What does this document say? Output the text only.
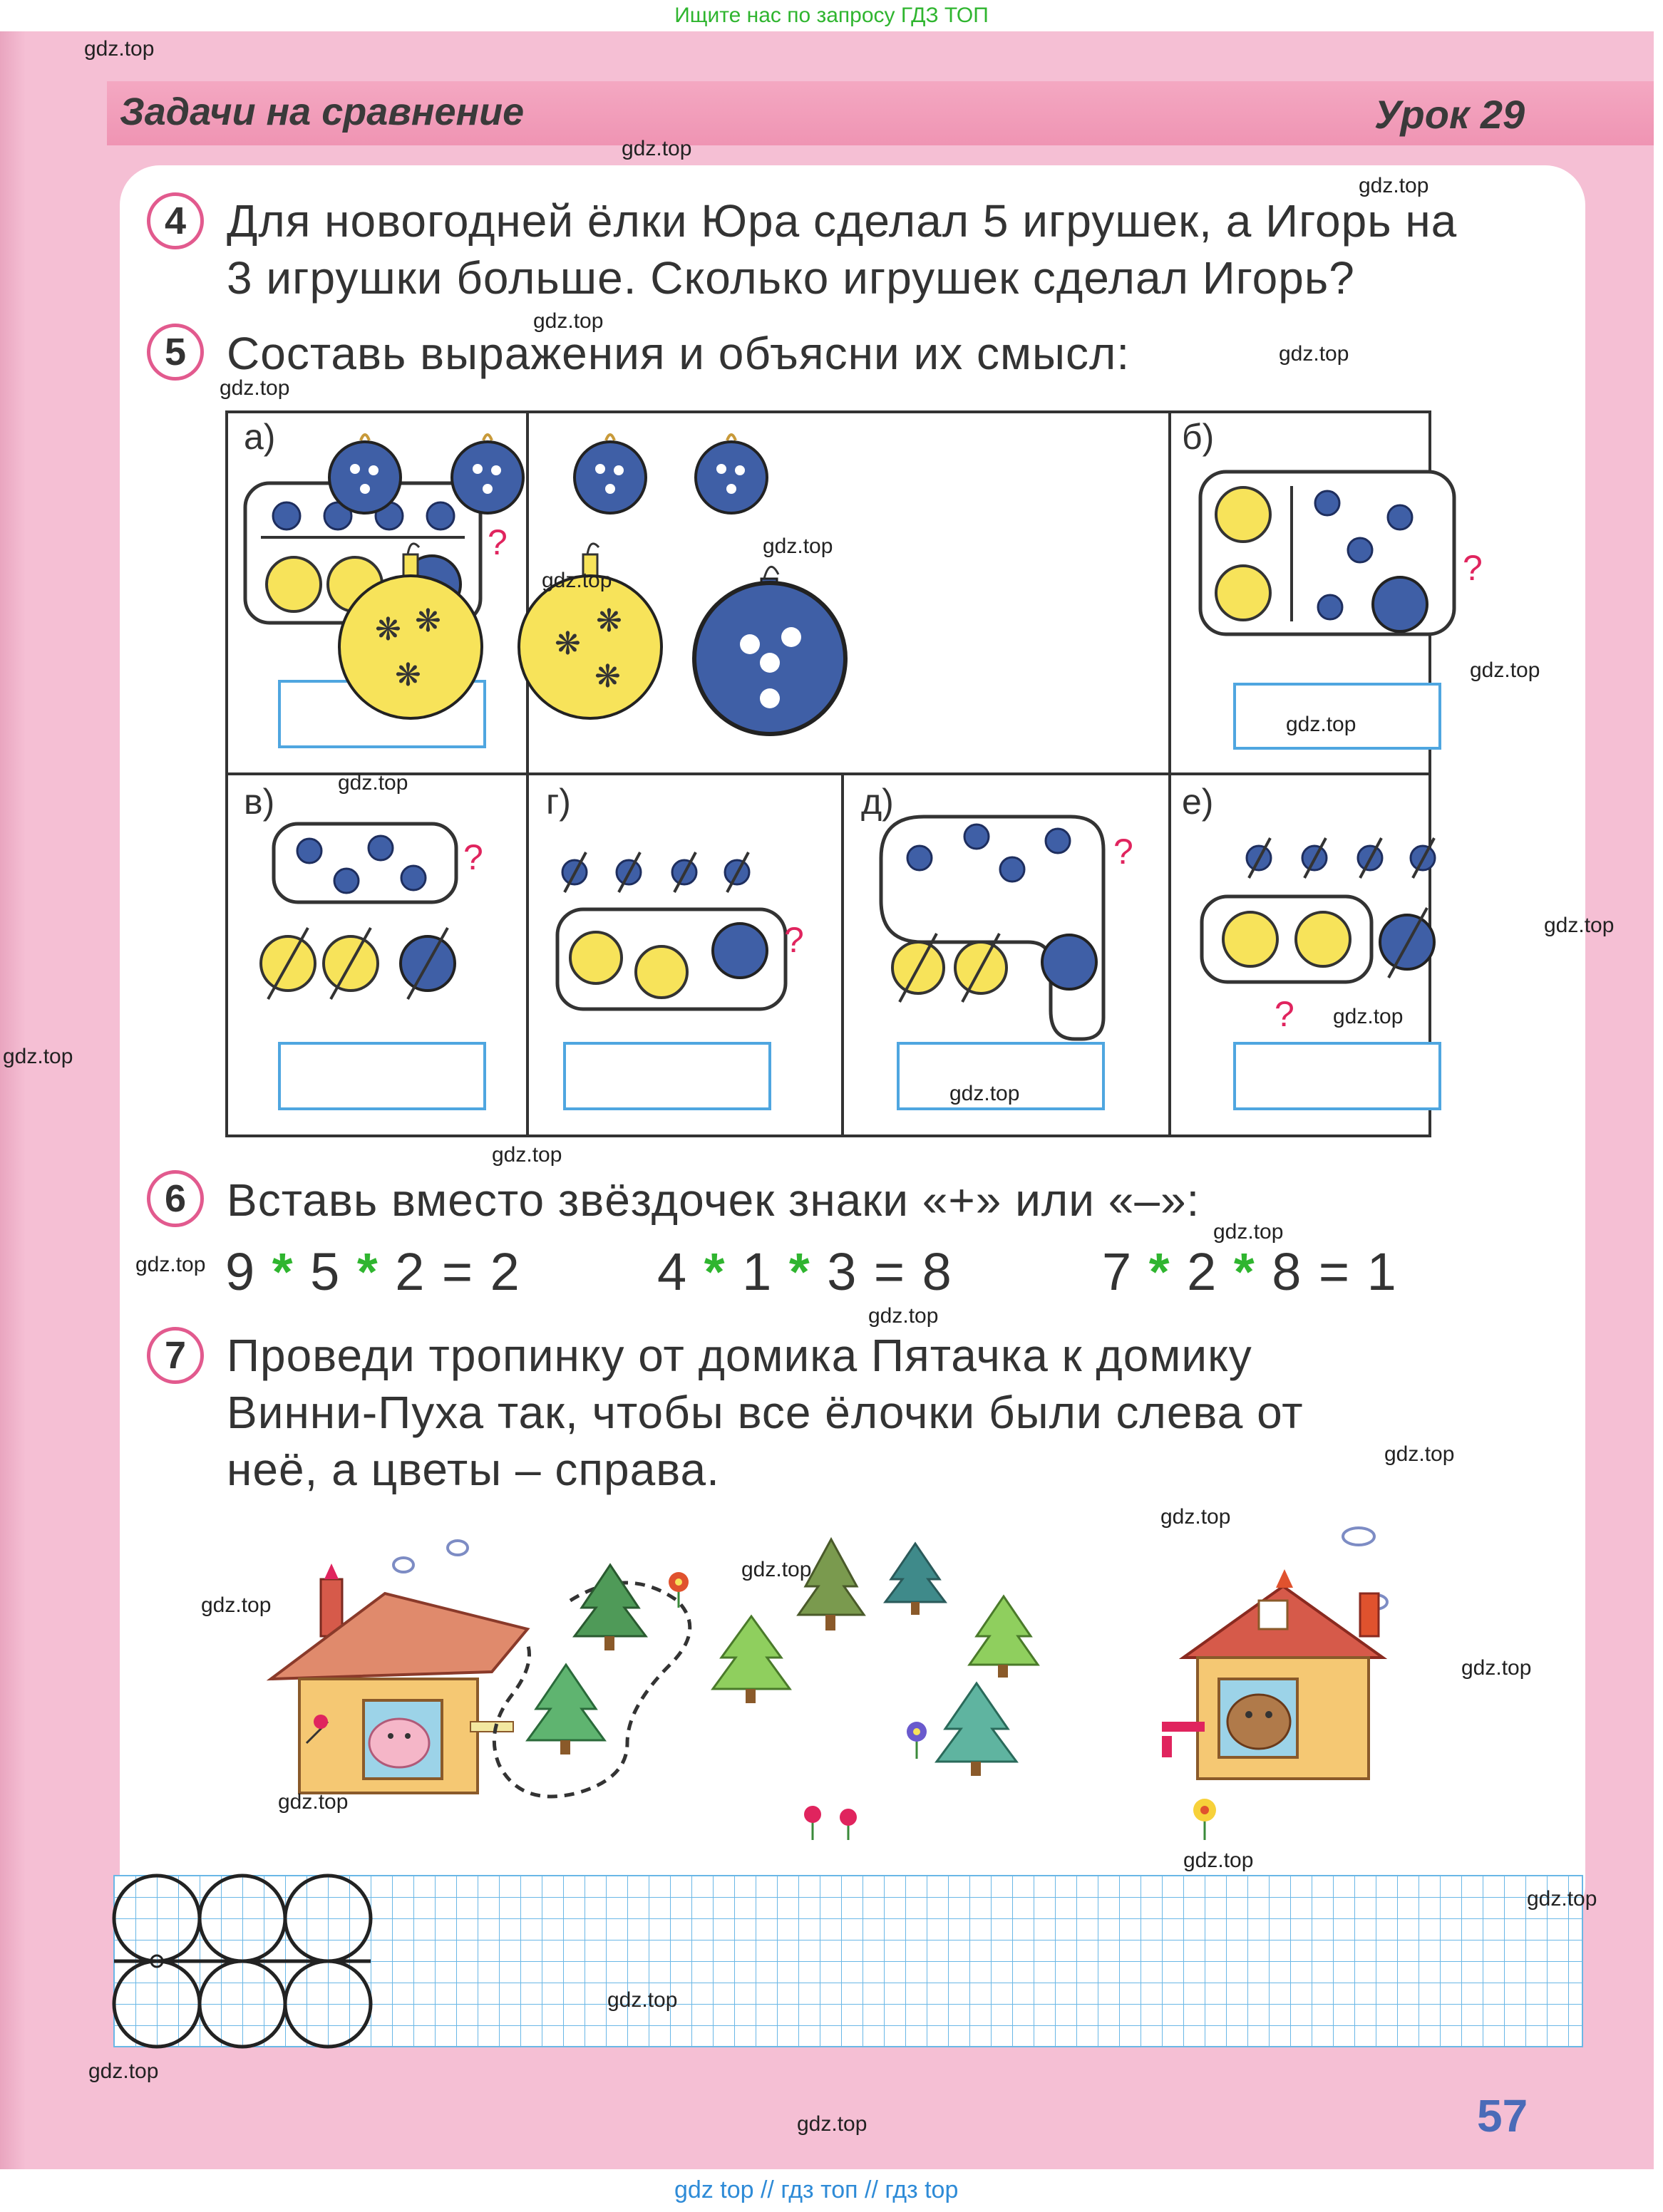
Ищите нас по запросу ГДЗ ТОП
Задачи на сравнение	Урок 29
4 Для новогодней ёлки Юра сделал 5 игрушек, а Игорь на
3 игрушки больше. Сколько игрушек сделал Игорь?
5 Составь выражения и объясни их смысл:
а)
?
❋ ❋
❋
❋
❋
❋
б)
?
в)
?
г)
?
д)
?
е)
?
6 Вставь вместо звёздочек знаки «+» или «–»:
9 * 5 * 2 = 2	4 * 1 * 3 = 8	7 * 2 * 8 = 1
7 Проведи тропинку от домика Пятачка к домику
Винни-Пуха так, чтобы все ёлочки были слева от
неё, а цветы – справа.
57
gdz.top
gdz.top
gdz.top
gdz.top
gdz.top
gdz.top
gdz.top
gdz.top
gdz.top
gdz.top
gdz.top
gdz.top
gdz.top
gdz.top
gdz.top
gdz.top
gdz.top
gdz.top
gdz.top
gdz.top
gdz.top
gdz.top
gdz.top
gdz.top
gdz.top
gdz.top
gdz.top
gdz.top
gdz.top
gdz.top
gdz top // гдз топ // гдз top
